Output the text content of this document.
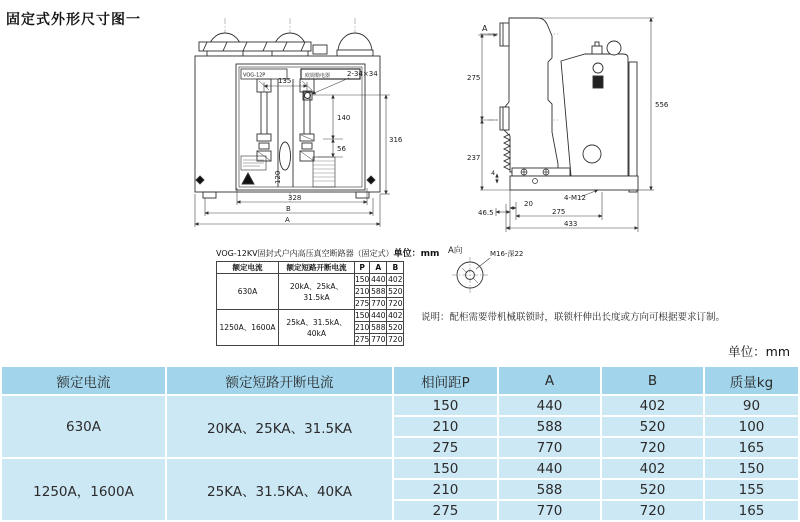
固定式外形尺寸图一
VOG-12P	欧姆勒电器
135
2-34×34
140
56
316
120
328
B
A
A
275
237
556
4
20
46.5	275
433
4-M12
A向	M16-深22
VOG-12KV固封式户内高压真空断路器（固定式）单位：mm
额定电流	额定短路开断电流	P	A	B
630A	20kA、25kA、31.5kA	150	440	402
		210	588	520
		275	770	720
1250A、1600A	25kA、31.5kA、40kA	150	440	402
		210	588	520
		275	770	720
说明：配柜需要带机械联锁时，联锁杆伸出长度或方向可根据要求订制。
单位：mm
额定电流	额定短路开断电流	相间距P	A	B	质量kg
630A	20KA、25KA、31.5KA	150	440	402	90
		210	588	520	100
		275	770	720	165
1250A，1600A	25KA、31.5KA、40KA	150	440	402	150
		210	588	520	155
		275	770	720	165
